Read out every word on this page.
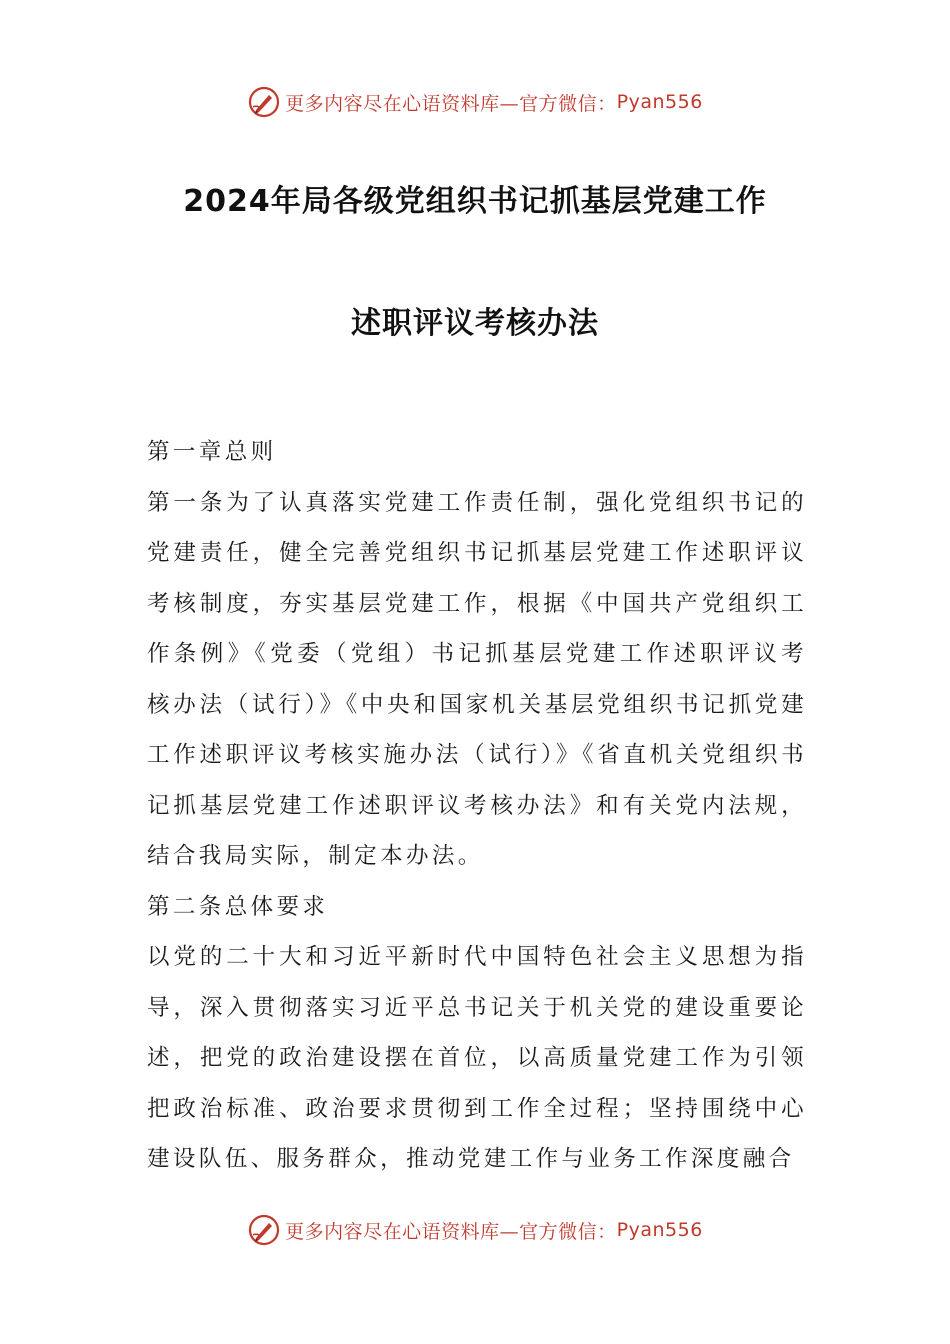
更多内容尽在心语资料库—官方微信： Pyan556
2024年局各级党组织书记抓基层党建工作
述职评议考核办法

第一章总则

第一条为了认真落实党建工作责任制，强化党组织书记的党建责任，健全完善党组织书记抓基层党建工作述职评议考核制度，夯实基层党建工作，根据《中国共产党组织工作条例》《党委（党组）书记抓基层党建工作述职评议考核办法（试行）》《中央和国家机关基层党组织书记抓党建工作述职评议考核实施办法（试行）》《省直机关党组织书记抓基层党建工作述职评议考核办法》和有关党内法规，结合我局实际，制定本办法。

第二条总体要求

以党的二十大和习近平新时代中国特色社会主义思想为指导，深入贯彻落实习近平总书记关于机关党的建设重要论述，把党的政治建设摆在首位，以高质量党建工作为引领把政治标准、政治要求贯彻到工作全过程；坚持围绕中心建设队伍、服务群众，推动党建工作与业务工作深度融合

更多内容尽在心语资料库—官方微信： Pyan556
